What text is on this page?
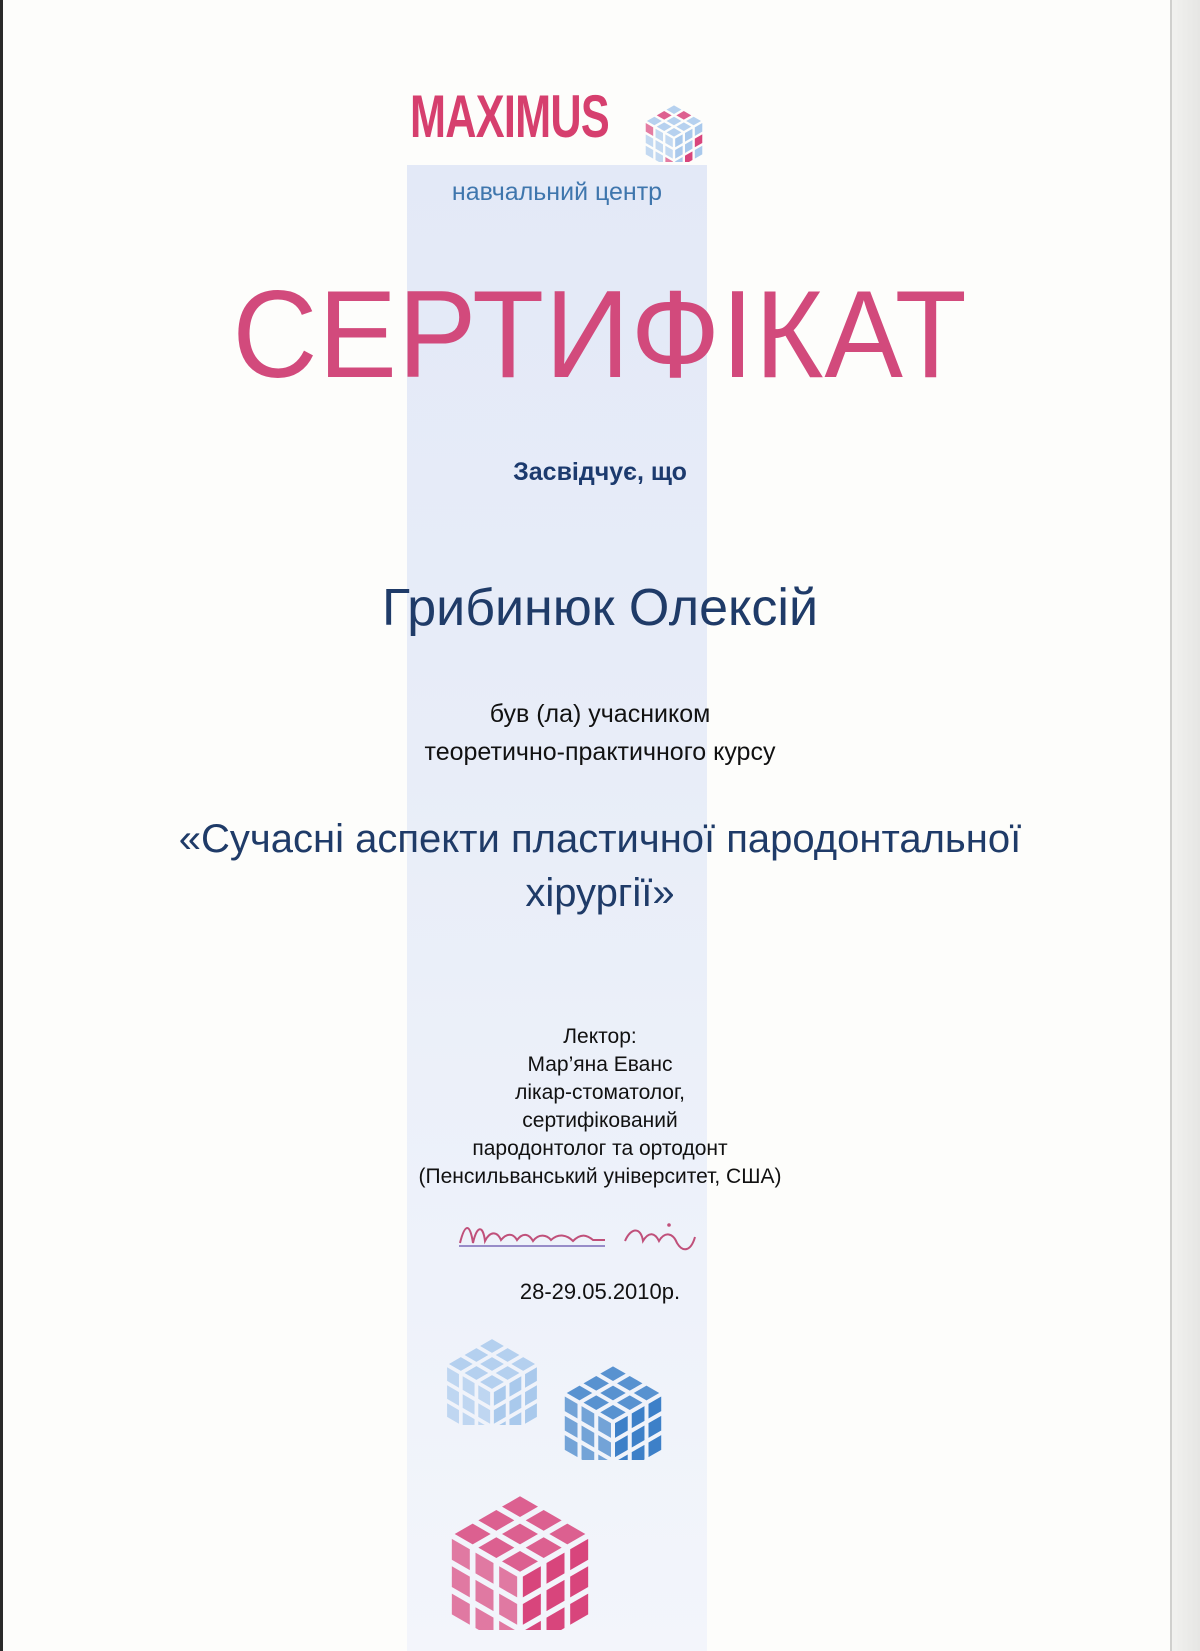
MAXIMUS
навчальний центр
СЕРТИФІКАТ
Засвідчує, що
Грибинюк Олексій
був (ла) учасником
теоретично-практичного курсу
«Сучасні аспекти пластичної пародонтальної
хірургії»
Лектор:
Мар’яна Еванс
лікар-стоматолог,
сертифікований
пародонтолог та ортодонт
(Пенсильванський університет, США)
28-29.05.2010р.
